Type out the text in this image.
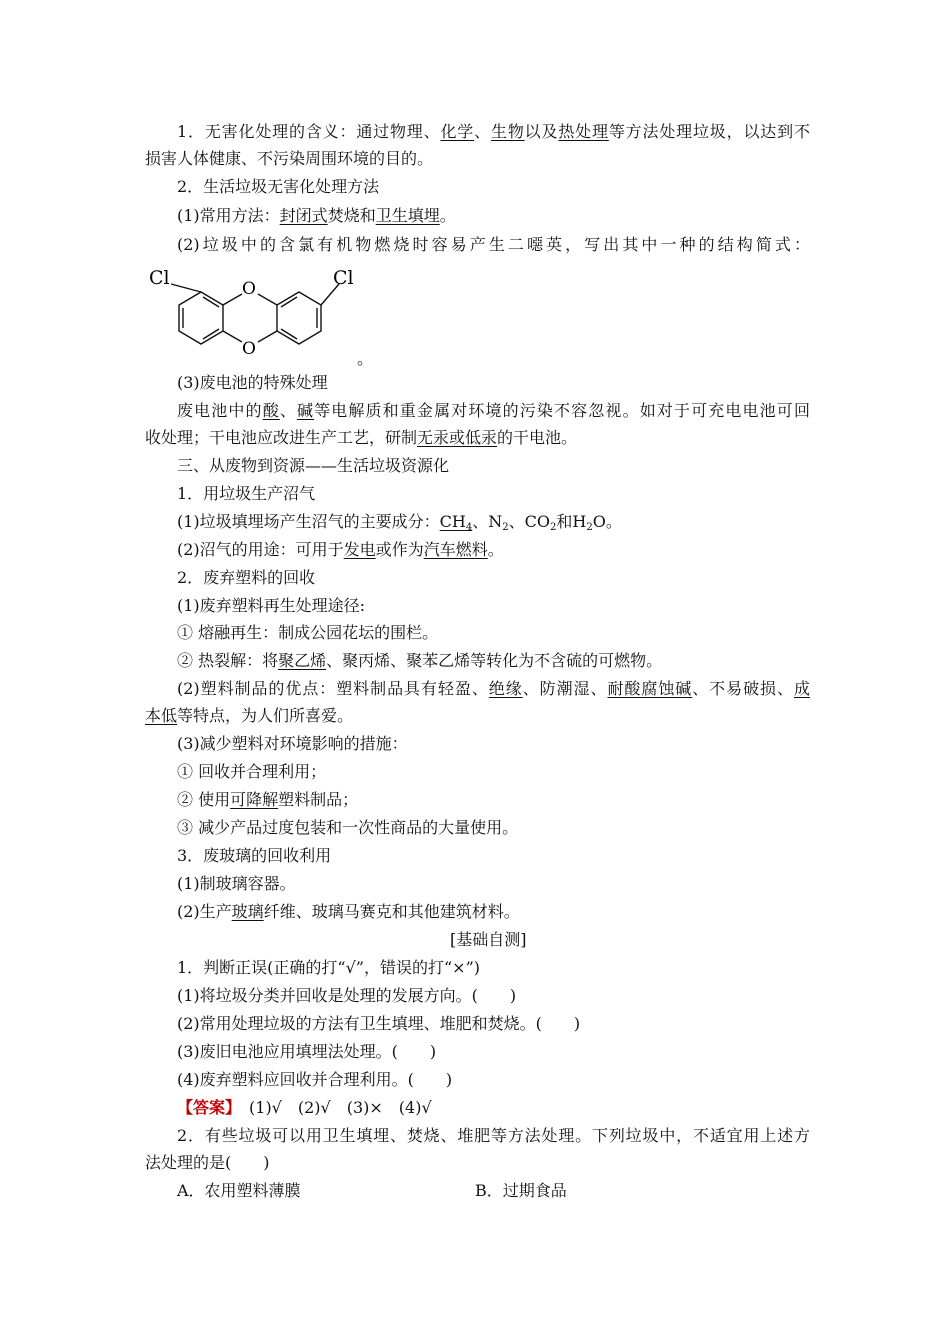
1．无害化处理的含义：通过物理、化学、生物以及热处理等方法处理垃圾，以达到不
损害人体健康、不污染周围环境的目的。
2．生活垃圾无害化处理方法
(1)常用方法：封闭式焚烧和卫生填埋。
(2)垃圾中的含氯有机物燃烧时容易产生二噁英，写出其中一种的结构简式：
Cl	Cl
O
O	。
(3)废电池的特殊处理
废电池中的酸、碱等电解质和重金属对环境的污染不容忽视。如对于可充电电池可回
收处理；干电池应改进生产工艺，研制无汞或低汞的干电池。
三、从废物到资源——生活垃圾资源化
1．用垃圾生产沼气
(1)垃圾填埋场产生沼气的主要成分：$CH_4$、$N_2$、$CO_2$和$H_2O$。
(2)沼气的用途：可用于发电或作为汽车燃料。
2．废弃塑料的回收
(1)废弃塑料再生处理途径:
① 熔融再生：制成公园花坛的围栏。
② 热裂解：将聚乙烯、聚丙烯、聚苯乙烯等转化为不含硫的可燃物。
(2)塑料制品的优点：塑料制品具有轻盈、绝缘、防潮湿、耐酸腐蚀碱、不易破损、成
本低等特点，为人们所喜爱。
(3)减少塑料对环境影响的措施：
① 回收并合理利用；
② 使用可降解塑料制品；
③ 减少产品过度包装和一次性商品的大量使用。
3．废玻璃的回收利用
(1)制玻璃容器。
(2)生产玻璃纤维、玻璃马赛克和其他建筑材料。
[基础自测]
1．判断正误(正确的打“√”，错误的打“×”)
(1)将垃圾分类并回收是处理的发展方向。(　　)
(2)常用处理垃圾的方法有卫生填埋、堆肥和焚烧。(　　)
(3)废旧电池应用填埋法处理。(　　)
(4)废弃塑料应回收并合理利用。(　　)
【答案】　(1)√　(2)√　(3)×　(4)√
2．有些垃圾可以用卫生填埋、焚烧、堆肥等方法处理。下列垃圾中，不适宜用上述方
法处理的是(　　)
A．农用塑料薄膜	B．过期食品
